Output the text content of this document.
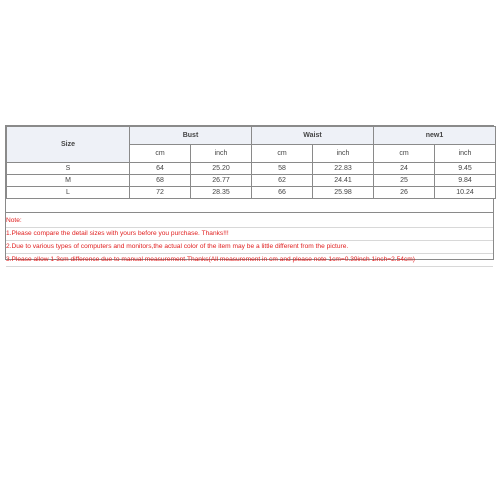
Size	Bust		Waist		new1	
	cm	inch	cm	inch	cm	inch
S	64	25.20	58	22.83	24	9.45
M	68	26.77	62	24.41	25	9.84
L	72	28.35	66	25.98	26	10.24
Note:
1.Please compare the detail sizes with yours before you purchase. Thanks!!!
2.Due to various types of computers and monitors,the actual color of the item may be a little different from the picture.
3.Please allow 1-3cm difference due to manual measurement.Thanks(All measurement in cm and please note 1cm=0.39inch 1inch=2.54cm)
